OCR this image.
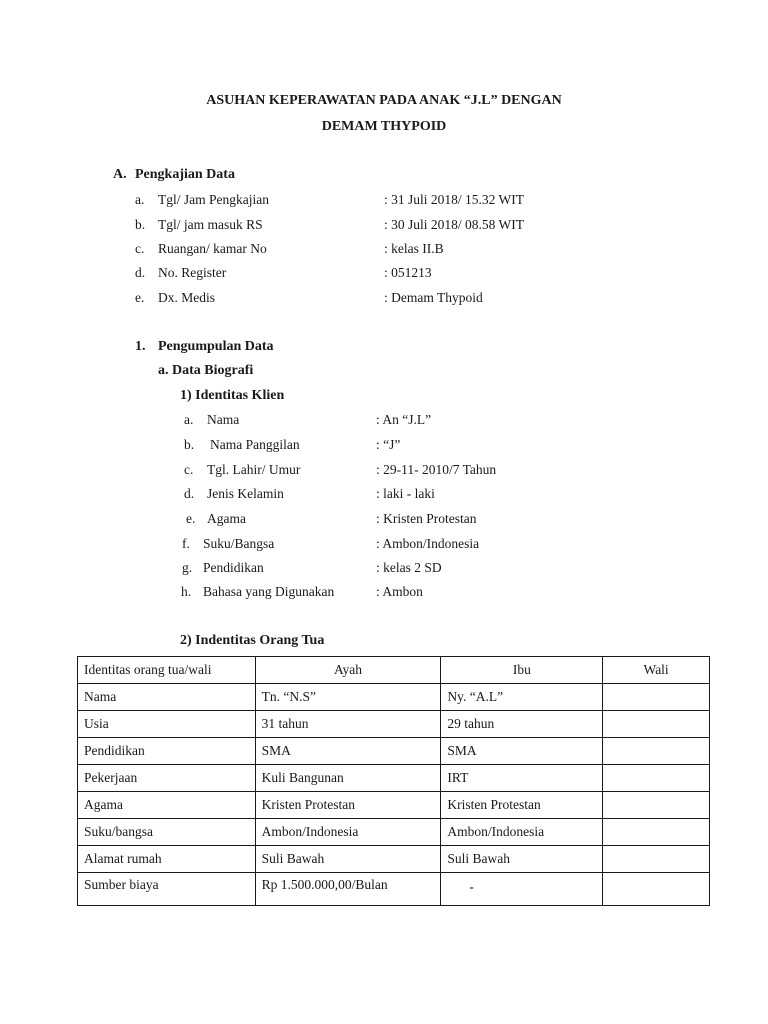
ASUHAN KEPERAWATAN PADA ANAK “J.L” DENGAN
DEMAM THYPOID
A. Pengkajian Data
a. Tgl/ Jam Pengkajian	: 31 Juli 2018/ 15.32 WIT
b. Tgl/ jam masuk RS	: 30 Juli 2018/ 08.58 WIT
c. Ruangan/ kamar No	: kelas II.B
d. No. Register	: 051213
e. Dx. Medis	: Demam Thypoid
1. Pengumpulan Data
a. Data Biografi
1) Identitas Klien
a. Nama	: An “J.L”
b. Nama Panggilan	: “J”
c. Tgl. Lahir/ Umur	: 29-11- 2010/7 Tahun
d. Jenis Kelamin	: laki - laki
e. Agama	: Kristen Protestan
f. Suku/Bangsa	: Ambon/Indonesia
g. Pendidikan	: kelas 2 SD
h. Bahasa yang Digunakan	: Ambon
2) Indentitas Orang Tua
Identitas orang tua/wali	Ayah	Ibu	Wali
Nama	Tn. “N.S”	Ny. “A.L”	
Usia	31 tahun	29 tahun	
Pendidikan	SMA	SMA	
Pekerjaan	Kuli Bangunan	IRT	
Agama	Kristen Protestan	Kristen Protestan	
Suku/bangsa	Ambon/Indonesia	Ambon/Indonesia	
Alamat rumah	Suli Bawah	Suli Bawah	
Sumber biaya	Rp 1.500.000,00/Bulan	-	
